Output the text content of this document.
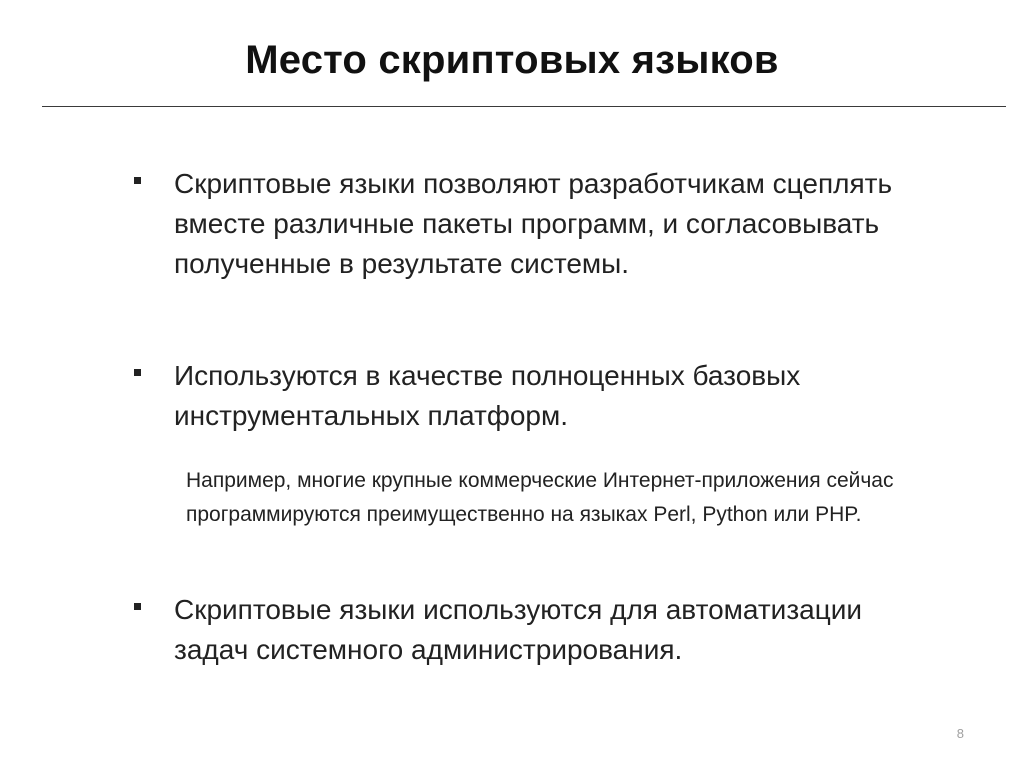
Место скриптовых языков
Скриптовые языки позволяют разработчикам сцеплять вместе различные пакеты программ, и согласовывать полученные в результате системы.
Используются в качестве полноценных базовых инструментальных платформ.
Например, многие крупные коммерческие Интернет-приложения сейчас программируются преимущественно на языках Perl, Python или PHP.
Скриптовые языки используются для автоматизации задач системного администрирования.
8
